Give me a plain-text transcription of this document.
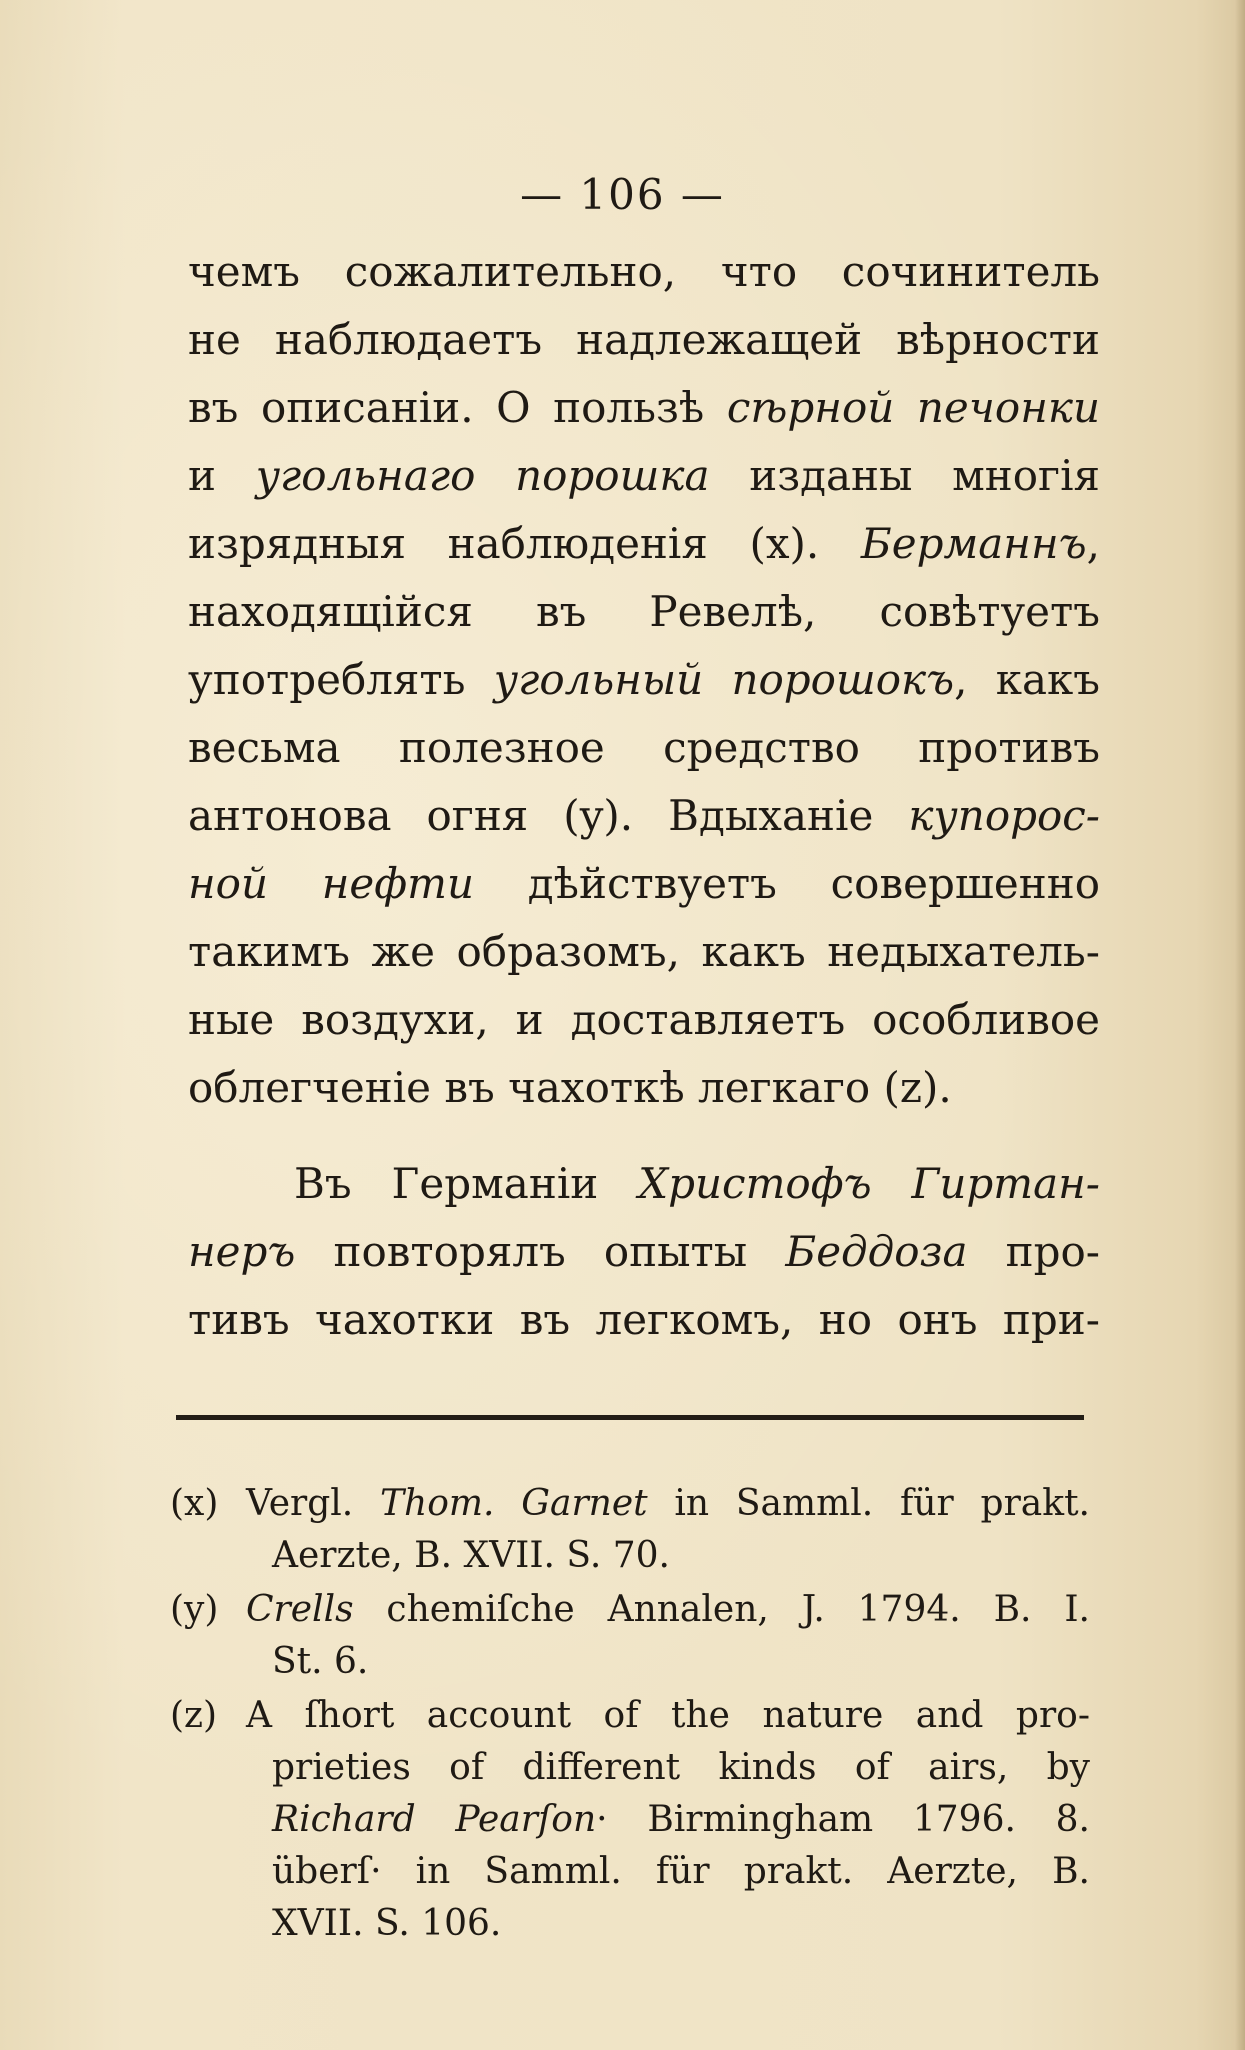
— 106 —
чемъ сожалительно, что сочинитель
не наблюдаетъ надлежащей вѣрности
въ описаніи. О пользѣ сѣрной печонки
и угольнаго порошка изданы многія
изрядныя наблюденія (x). Берманнъ,
находящійся въ Ревелѣ, совѣтуетъ
употреблять угольный порошокъ, какъ
весьма полезное средство противъ
антонова огня (y). Вдыханіе купорос-
ной нефти дѣйствуетъ совершенно
такимъ же образомъ, какъ недыхатель-
ные воздухи, и доставляетъ особливое
облегченіе въ чахоткѣ легкаго (z).
Въ Германіи Христофъ Гиртан-
неръ повторялъ опыты Беддоза про-
тивъ чахотки въ легкомъ, но онъ при-
(x) Vergl. Thom. Garnet in Samml. für prakt.
Aerzte, B. XVII. S. 70.
(y) Crells chemiſche Annalen, J. 1794. B. I.
St. 6.
(z) A ſhort account of the nature and pro-
prieties of different kinds of airs, by
Richard Pearſon· Birmingham 1796. 8.
überſ· in Samml. für prakt. Aerzte, B.
XVII. S. 106.
